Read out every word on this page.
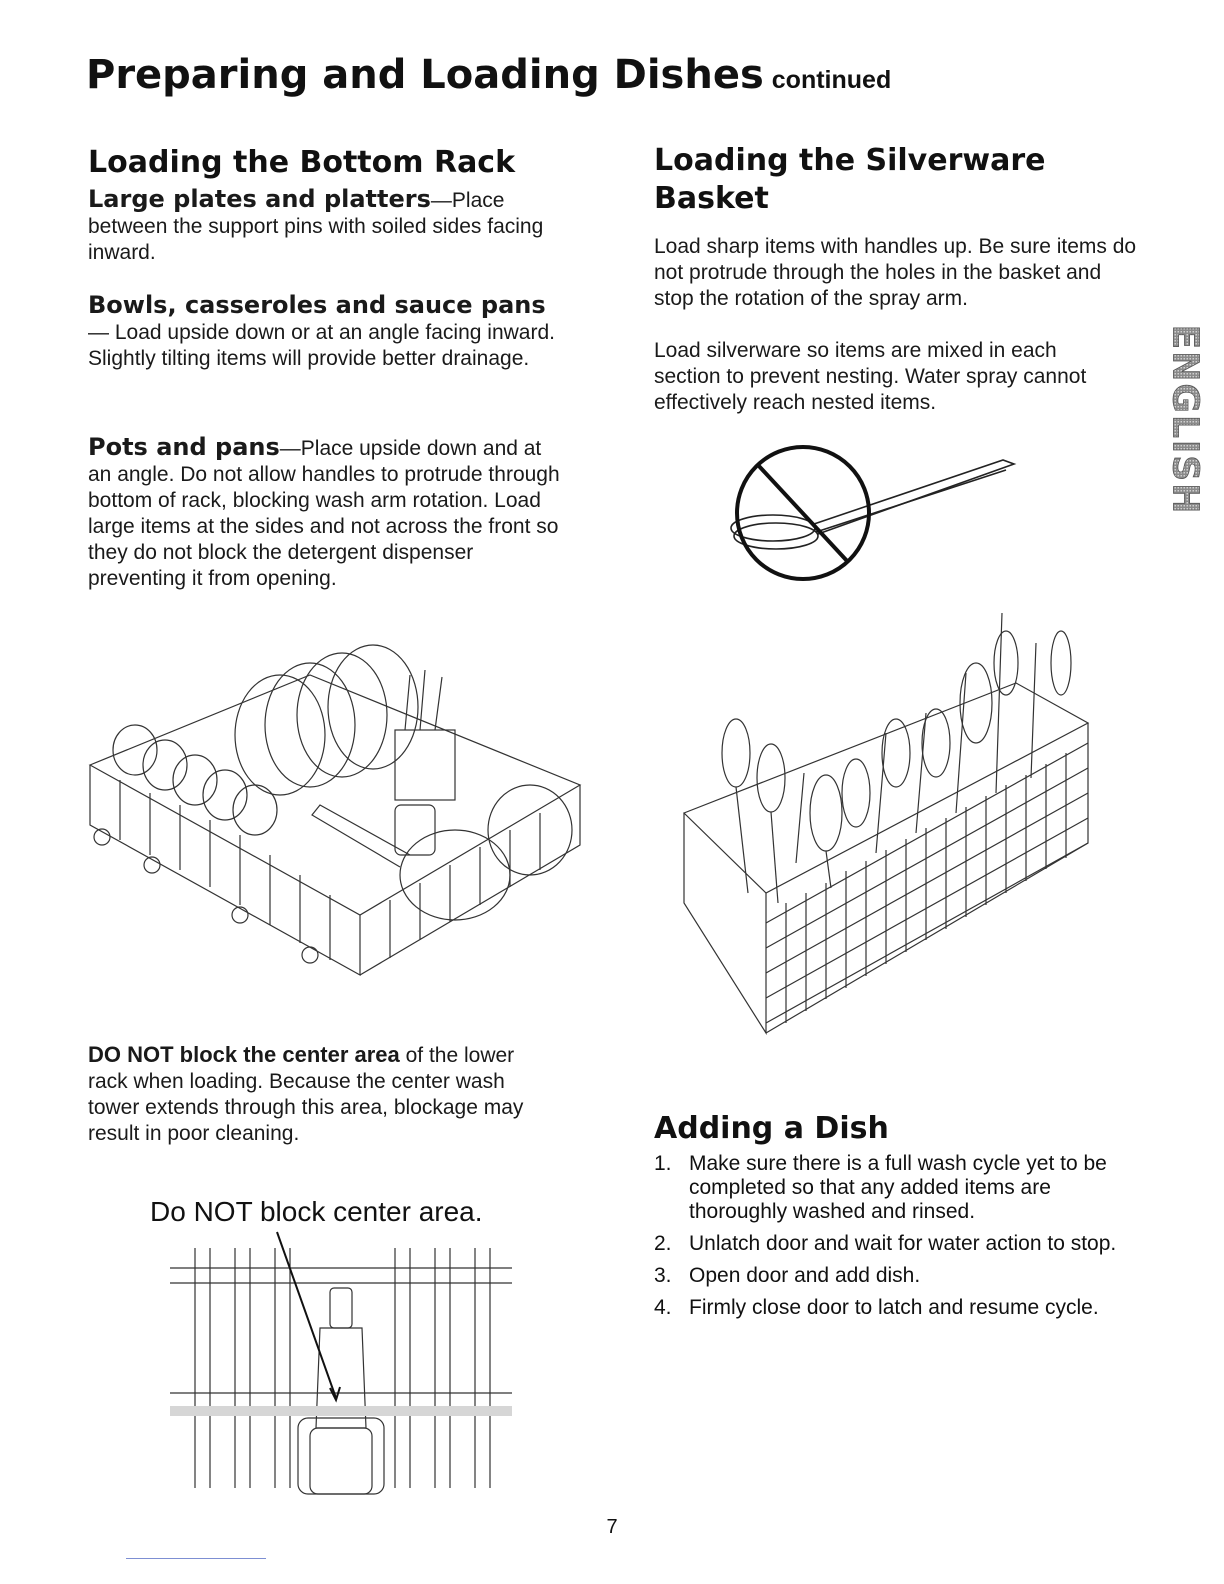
Preparing and Loading Dishes continued
Loading the Bottom Rack
Large plates and platters—Place between the support pins with soiled sides facing inward.
Bowls, casseroles and sauce pans— Load upside down or at an angle facing inward. Slightly tilting items will provide better drainage.
Pots and pans—Place upside down and at an angle. Do not allow handles to protrude through bottom of rack, blocking wash arm rotation. Load large items at the sides and not across the front so they do not block the detergent dispenser preventing it from opening.
DO NOT block the center area of the lower rack when loading. Because the center wash tower extends through this area, blockage may result in poor cleaning.
Do NOT block center area.
Loading the Silverware Basket
Load sharp items with handles up. Be sure items do not protrude through the holes in the basket and stop the rotation of the spray arm.
Load silverware so items are mixed in each section to prevent nesting. Water spray cannot effectively reach nested items.
Adding a Dish
1. Make sure there is a full wash cycle yet to be completed so that any added items are thoroughly washed and rinsed.
2. Unlatch door and wait for water action to stop.
3. Open door and add dish.
4. Firmly close door to latch and resume cycle.
ENGLISH
7
